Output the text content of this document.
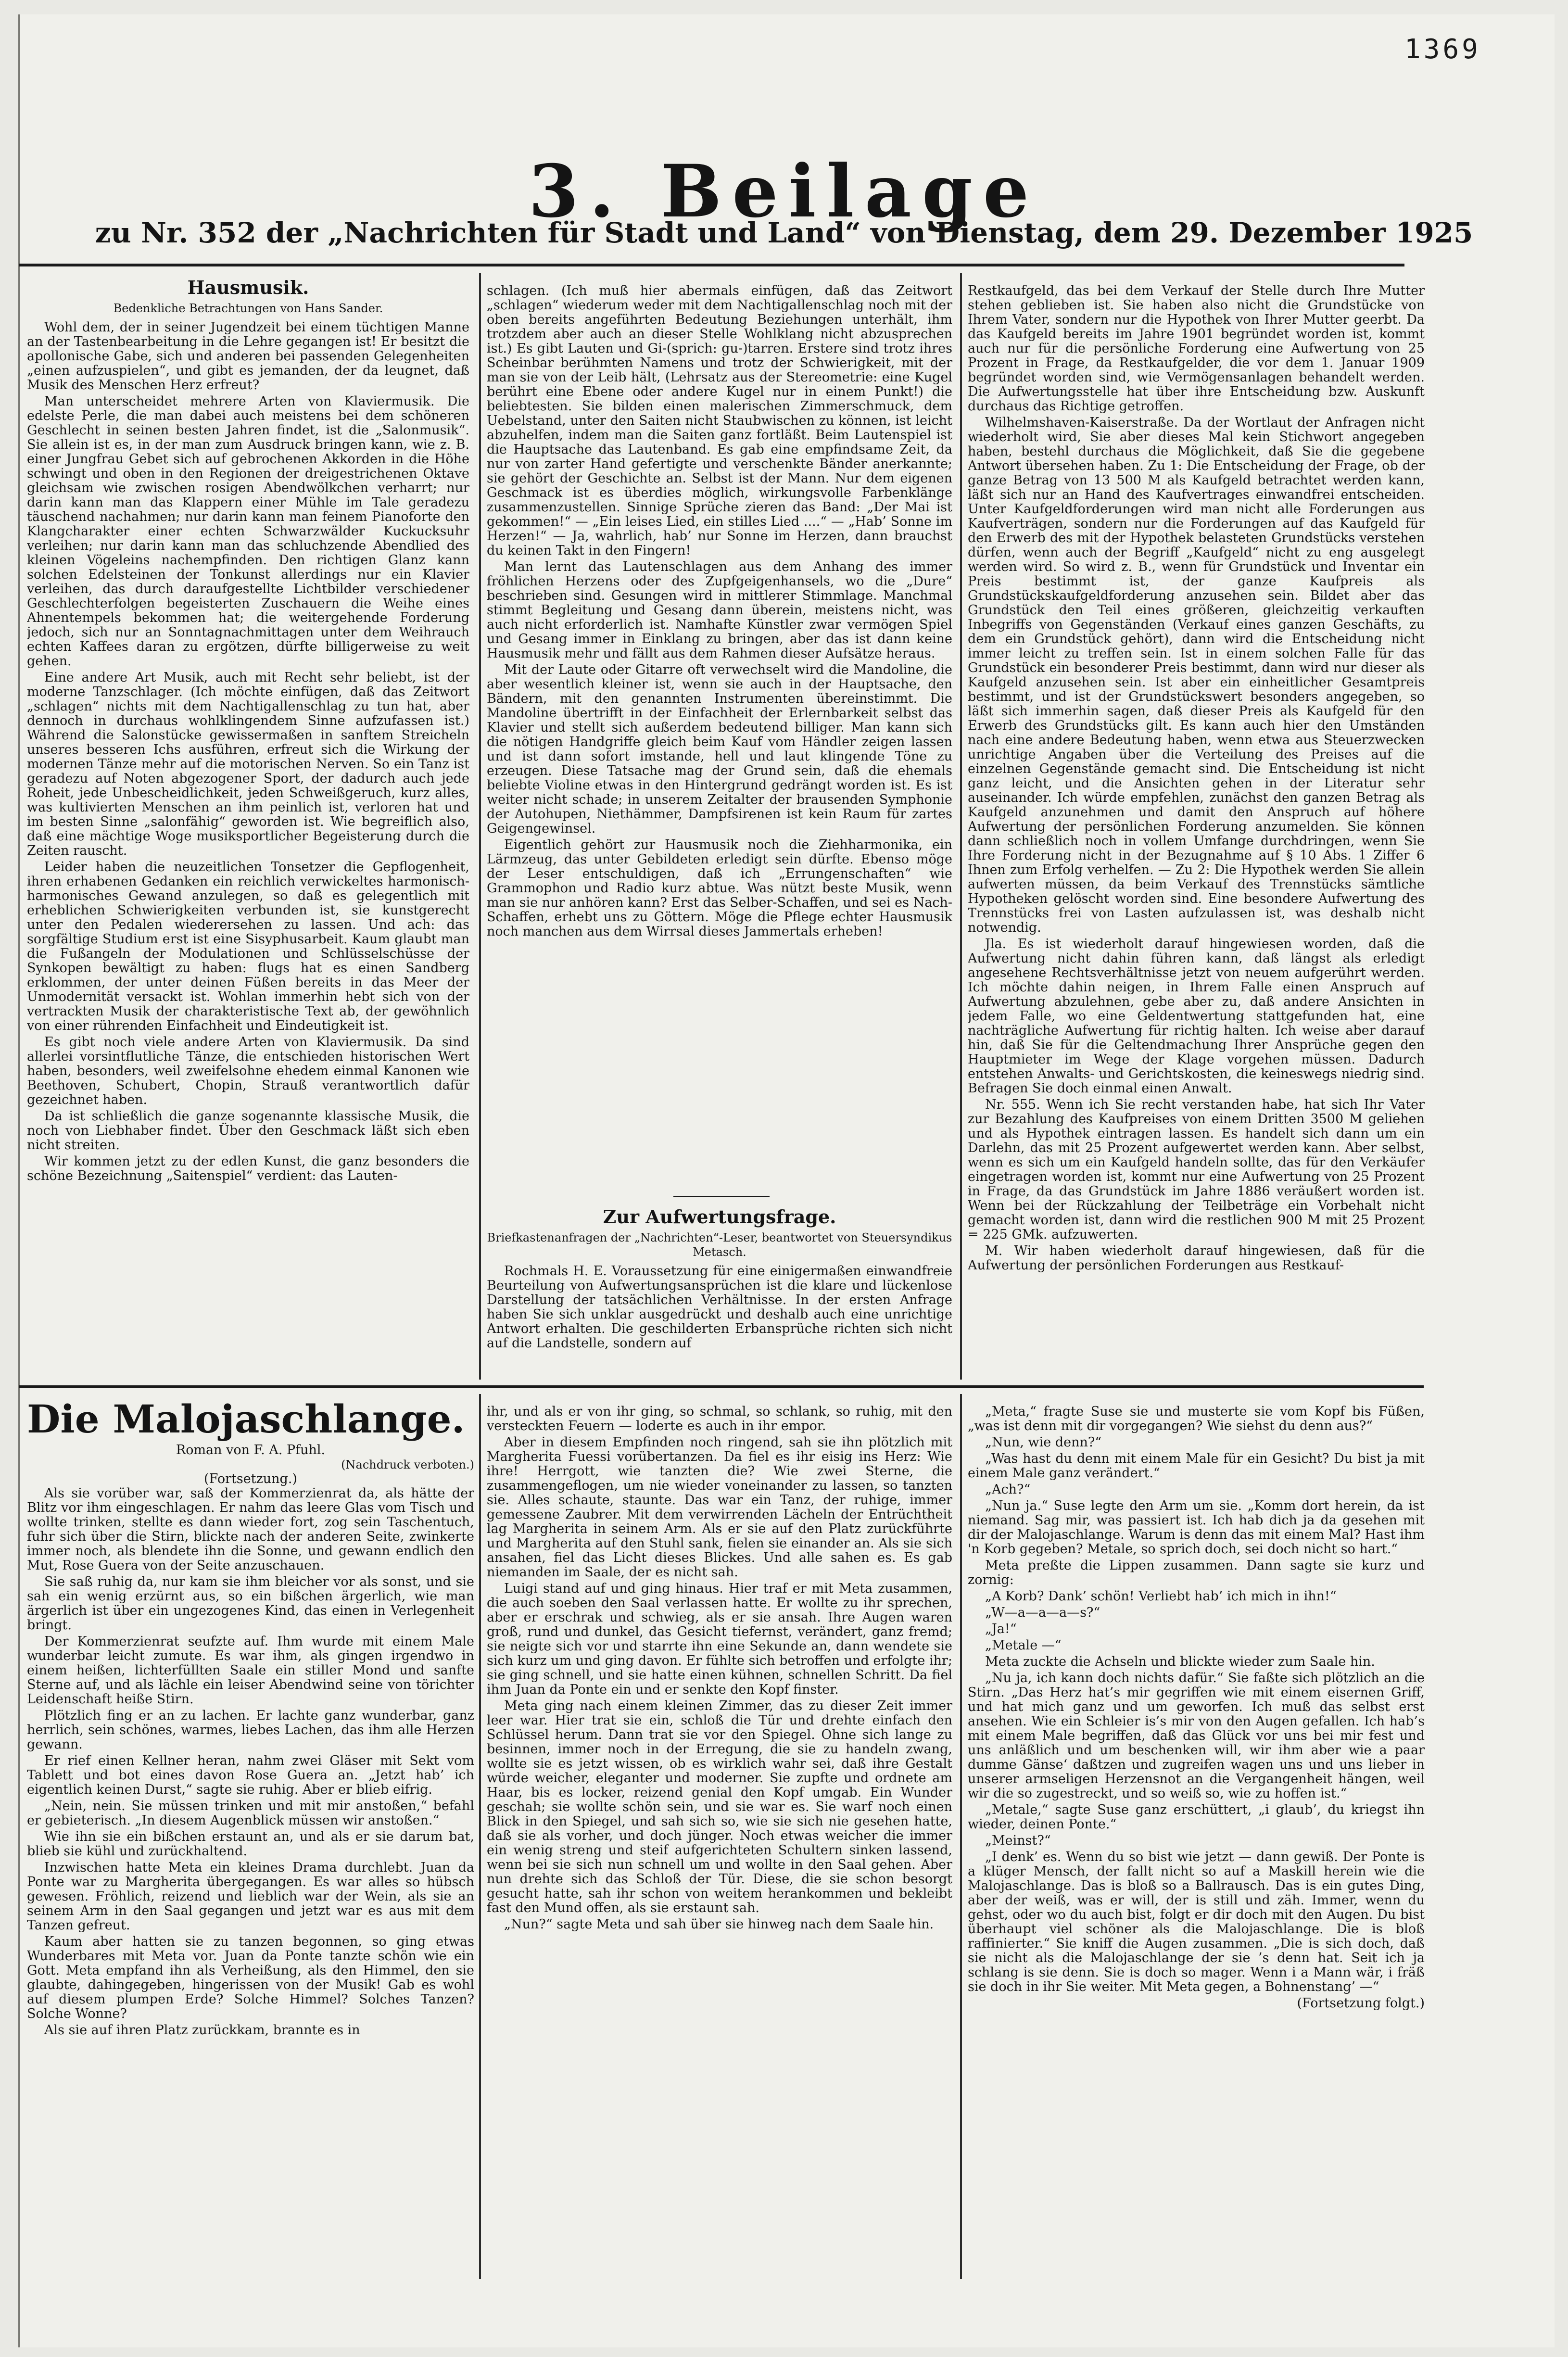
1369
3. Beilage
zu Nr. 352 der „Nachrichten für Stadt und Land“ von Dienstag, dem 29. Dezember 1925
Hausmusik.
Bedenkliche Betrachtungen von Hans Sander.

Wohl dem, der in seiner Jugendzeit bei einem tüchtigen Manne an der Tastenbearbeitung in die Lehre gegangen ist! Er besitzt die apollonische Gabe, sich und anderen bei passenden Gelegenheiten „einen aufzuspielen“, und gibt es jemanden, der da leugnet, daß Musik des Menschen Herz erfreut?

Man unterscheidet mehrere Arten von Klaviermusik. Die edelste Perle, die man dabei auch meistens bei dem schöneren Geschlecht in seinen besten Jahren findet, ist die „Salonmusik“. Sie allein ist es, in der man zum Ausdruck bringen kann, wie z. B. einer Jungfrau Gebet sich auf gebrochenen Akkorden in die Höhe schwingt und oben in den Regionen der dreigestrichenen Oktave gleichsam wie zwischen rosigen Abendwölkchen verharrt; nur darin kann man das Klappern einer Mühle im Tale geradezu täuschend nachahmen; nur darin kann man feinem Pianoforte den Klangcharakter einer echten Schwarzwälder Kuckucksuhr verleihen; nur darin kann man das schluchzende Abendlied des kleinen Vögeleins nachempfinden. Den richtigen Glanz kann solchen Edelsteinen der Tonkunst allerdings nur ein Klavier verleihen, das durch daraufgestellte Lichtbilder verschiedener Geschlechterfolgen begeisterten Zuschauern die Weihe eines Ahnentempels bekommen hat; die weitergehende Forderung jedoch, sich nur an Sonntagnachmittagen unter dem Weihrauch echten Kaffees daran zu ergötzen, dürfte billigerweise zu weit gehen.

Eine andere Art Musik, auch mit Recht sehr beliebt, ist der moderne Tanzschlager. (Ich möchte einfügen, daß das Zeitwort „schlagen“ nichts mit dem Nachtigallenschlag zu tun hat, aber dennoch in durchaus wohlklingendem Sinne aufzufassen ist.) Während die Salonstücke gewissermaßen in sanftem Streicheln unseres besseren Ichs ausführen, erfreut sich die Wirkung der modernen Tänze mehr auf die motorischen Nerven. So ein Tanz ist geradezu auf Noten abgezogener Sport, der dadurch auch jede Roheit, jede Unbescheidlichkeit, jeden Schweißgeruch, kurz alles, was kultivierten Menschen an ihm peinlich ist, verloren hat und im besten Sinne „salonfähig“ geworden ist. Wie begreiflich also, daß eine mächtige Woge musiksportlicher Begeisterung durch die Zeiten rauscht.

Leider haben die neuzeitlichen Tonsetzer die Gepflogenheit, ihren erhabenen Gedanken ein reichlich verwickeltes harmonisch-harmonisches Gewand anzulegen, so daß es gelegentlich mit erheblichen Schwierigkeiten verbunden ist, sie kunstgerecht unter den Pedalen wiederersehen zu lassen. Und ach: das sorgfältige Studium erst ist eine Sisyphusarbeit. Kaum glaubt man die Fußangeln der Modulationen und Schlüsselschüsse der Synkopen bewältigt zu haben: flugs hat es einen Sandberg erklommen, der unter deinen Füßen bereits in das Meer der Unmodernität versackt ist. Wohlan immerhin hebt sich von der vertrackten Musik der charakteristische Text ab, der gewöhnlich von einer rührenden Einfachheit und Eindeutigkeit ist.

Es gibt noch viele andere Arten von Klaviermusik. Da sind allerlei vorsintflutliche Tänze, die entschieden historischen Wert haben, besonders, weil zweifelsohne ehedem einmal Kanonen wie Beethoven, Schubert, Chopin, Strauß verantwortlich dafür gezeichnet haben.

Da ist schließlich die ganze sogenannte klassische Musik, die noch von Liebhaber findet. Über den Geschmack läßt sich eben nicht streiten.

Wir kommen jetzt zu der edlen Kunst, die ganz besonders die schöne Bezeichnung „Saitenspiel“ verdient: das Lauten-

schlagen. (Ich muß hier abermals einfügen, daß das Zeitwort „schlagen“ wiederum weder mit dem Nachtigallenschlag noch mit der oben bereits angeführten Bedeutung Beziehungen unterhält, ihm trotzdem aber auch an dieser Stelle Wohlklang nicht abzusprechen ist.) Es gibt Lauten und Gi-(sprich: gu-)tarren. Erstere sind trotz ihres Scheinbar berühmten Namens und trotz der Schwierigkeit, mit der man sie von der Leib hält, (Lehrsatz aus der Stereometrie: eine Kugel berührt eine Ebene oder andere Kugel nur in einem Punkt!) die beliebtesten. Sie bilden einen malerischen Zimmerschmuck, dem Uebelstand, unter den Saiten nicht Staubwischen zu können, ist leicht abzuhelfen, indem man die Saiten ganz fortläßt. Beim Lautenspiel ist die Hauptsache das Lautenband. Es gab eine empfindsame Zeit, da nur von zarter Hand gefertigte und verschenkte Bänder anerkannte; sie gehört der Geschichte an. Selbst ist der Mann. Nur dem eigenen Geschmack ist es überdies möglich, wirkungsvolle Farbenklänge zusammenzustellen. Sinnige Sprüche zieren das Band: „Der Mai ist gekommen!“ — „Ein leises Lied, ein stilles Lied ....“ — „Hab’ Sonne im Herzen!“ — Ja, wahrlich, hab’ nur Sonne im Herzen, dann brauchst du keinen Takt in den Fingern!

Man lernt das Lautenschlagen aus dem Anhang des immer fröhlichen Herzens oder des Zupfgeigenhansels, wo die „Dure“ beschrieben sind. Gesungen wird in mittlerer Stimmlage. Manchmal stimmt Begleitung und Gesang dann überein, meistens nicht, was auch nicht erforderlich ist. Namhafte Künstler zwar vermögen Spiel und Gesang immer in Einklang zu bringen, aber das ist dann keine Hausmusik mehr und fällt aus dem Rahmen dieser Aufsätze heraus.

Mit der Laute oder Gitarre oft verwechselt wird die Mandoline, die aber wesentlich kleiner ist, wenn sie auch in der Hauptsache, den Bändern, mit den genannten Instrumenten übereinstimmt. Die Mandoline übertrifft in der Einfachheit der Erlernbarkeit selbst das Klavier und stellt sich außerdem bedeutend billiger. Man kann sich die nötigen Handgriffe gleich beim Kauf vom Händler zeigen lassen und ist dann sofort imstande, hell und laut klingende Töne zu erzeugen. Diese Tatsache mag der Grund sein, daß die ehemals beliebte Violine etwas in den Hintergrund gedrängt worden ist. Es ist weiter nicht schade; in unserem Zeitalter der brausenden Symphonie der Autohupen, Niethämmer, Dampfsirenen ist kein Raum für zartes Geigengewinsel.

Eigentlich gehört zur Hausmusik noch die Ziehharmonika, ein Lärmzeug, das unter Gebildeten erledigt sein dürfte. Ebenso möge der Leser entschuldigen, daß ich „Errungenschaften“ wie Grammophon und Radio kurz abtue. Was nützt beste Musik, wenn man sie nur anhören kann? Erst das Selber-Schaffen, und sei es Nach-Schaffen, erhebt uns zu Göttern. Möge die Pflege echter Hausmusik noch manchen aus dem Wirrsal dieses Jammertals erheben!

Zur Aufwertungsfrage.
Briefkastenanfragen der „Nachrichten“-Leser, beantwortet von Steuersyndikus Metasch.

Rochmals H. E. Voraussetzung für eine einigermaßen einwandfreie Beurteilung von Aufwertungsansprüchen ist die klare und lückenlose Darstellung der tatsächlichen Verhältnisse. In der ersten Anfrage haben Sie sich unklar ausgedrückt und deshalb auch eine unrichtige Antwort erhalten. Die geschilderten Erbansprüche richten sich nicht auf die Landstelle, sondern auf

Restkaufgeld, das bei dem Verkauf der Stelle durch Ihre Mutter stehen geblieben ist. Sie haben also nicht die Grundstücke von Ihrem Vater, sondern nur die Hypothek von Ihrer Mutter geerbt. Da das Kaufgeld bereits im Jahre 1901 begründet worden ist, kommt auch nur für die persönliche Forderung eine Aufwertung von 25 Prozent in Frage, da Restkaufgelder, die vor dem 1. Januar 1909 begründet worden sind, wie Vermögensanlagen behandelt werden. Die Aufwertungsstelle hat über ihre Entscheidung bzw. Auskunft durchaus das Richtige getroffen.

Wilhelmshaven-Kaiserstraße. Da der Wortlaut der Anfragen nicht wiederholt wird, Sie aber dieses Mal kein Stichwort angegeben haben, bestehl durchaus die Möglichkeit, daß Sie die gegebene Antwort übersehen haben. Zu 1: Die Entscheidung der Frage, ob der ganze Betrag von 13 500 M als Kaufgeld betrachtet werden kann, läßt sich nur an Hand des Kaufvertrages einwandfrei entscheiden. Unter Kaufgeldforderungen wird man nicht alle Forderungen aus Kaufverträgen, sondern nur die Forderungen auf das Kaufgeld für den Erwerb des mit der Hypothek belasteten Grundstücks verstehen dürfen, wenn auch der Begriff „Kaufgeld“ nicht zu eng ausgelegt werden wird. So wird z. B., wenn für Grundstück und Inventar ein Preis bestimmt ist, der ganze Kaufpreis als Grundstückskaufgeldforderung anzusehen sein. Bildet aber das Grundstück den Teil eines größeren, gleichzeitig verkauften Inbegriffs von Gegenständen (Verkauf eines ganzen Geschäfts, zu dem ein Grundstück gehört), dann wird die Entscheidung nicht immer leicht zu treffen sein. Ist in einem solchen Falle für das Grundstück ein besonderer Preis bestimmt, dann wird nur dieser als Kaufgeld anzusehen sein. Ist aber ein einheitlicher Gesamtpreis bestimmt, und ist der Grundstückswert besonders angegeben, so läßt sich immerhin sagen, daß dieser Preis als Kaufgeld für den Erwerb des Grundstücks gilt. Es kann auch hier den Umständen nach eine andere Bedeutung haben, wenn etwa aus Steuerzwecken unrichtige Angaben über die Verteilung des Preises auf die einzelnen Gegenstände gemacht sind. Die Entscheidung ist nicht ganz leicht, und die Ansichten gehen in der Literatur sehr auseinander. Ich würde empfehlen, zunächst den ganzen Betrag als Kaufgeld anzunehmen und damit den Anspruch auf höhere Aufwertung der persönlichen Forderung anzumelden. Sie können dann schließlich noch in vollem Umfange durchdringen, wenn Sie Ihre Forderung nicht in der Bezugnahme auf § 10 Abs. 1 Ziffer 6 Ihnen zum Erfolg verhelfen. — Zu 2: Die Hypothek werden Sie allein aufwerten müssen, da beim Verkauf des Trennstücks sämtliche Hypotheken gelöscht worden sind. Eine besondere Aufwertung des Trennstücks frei von Lasten aufzulassen ist, was deshalb nicht notwendig.

Jla. Es ist wiederholt darauf hingewiesen worden, daß die Aufwertung nicht dahin führen kann, daß längst als erledigt angesehene Rechtsverhältnisse jetzt von neuem aufgerührt werden. Ich möchte dahin neigen, in Ihrem Falle einen Anspruch auf Aufwertung abzulehnen, gebe aber zu, daß andere Ansichten in jedem Falle, wo eine Geldentwertung stattgefunden hat, eine nachträgliche Aufwertung für richtig halten. Ich weise aber darauf hin, daß Sie für die Geltendmachung Ihrer Ansprüche gegen den Hauptmieter im Wege der Klage vorgehen müssen. Dadurch entstehen Anwalts- und Gerichtskosten, die keineswegs niedrig sind. Befragen Sie doch einmal einen Anwalt.

Nr. 555. Wenn ich Sie recht verstanden habe, hat sich Ihr Vater zur Bezahlung des Kaufpreises von einem Dritten 3500 M geliehen und als Hypothek eintragen lassen. Es handelt sich dann um ein Darlehn, das mit 25 Prozent aufgewertet werden kann. Aber selbst, wenn es sich um ein Kaufgeld handeln sollte, das für den Verkäufer eingetragen worden ist, kommt nur eine Aufwertung von 25 Prozent in Frage, da das Grundstück im Jahre 1886 veräußert worden ist. Wenn bei der Rückzahlung der Teilbeträge ein Vorbehalt nicht gemacht worden ist, dann wird die restlichen 900 M mit 25 Prozent = 225 GMk. aufzuwerten.

M. Wir haben wiederholt darauf hingewiesen, daß für die Aufwertung der persönlichen Forderungen aus Restkauf-

Die Malojaschlange.
Roman von F. A. Pfuhl.
(Nachdruck verboten.)
(Fortsetzung.)

Als sie vorüber war, saß der Kommerzienrat da, als hätte der Blitz vor ihm eingeschlagen. Er nahm das leere Glas vom Tisch und wollte trinken, stellte es dann wieder fort, zog sein Taschentuch, fuhr sich über die Stirn, blickte nach der anderen Seite, zwinkerte immer noch, als blendete ihn die Sonne, und gewann endlich den Mut, Rose Guera von der Seite anzuschauen.

Sie saß ruhig da, nur kam sie ihm bleicher vor als sonst, und sie sah ein wenig erzürnt aus, so ein bißchen ärgerlich, wie man ärgerlich ist über ein ungezogenes Kind, das einen in Verlegenheit bringt.

Der Kommerzienrat seufzte auf. Ihm wurde mit einem Male wunderbar leicht zumute. Es war ihm, als gingen irgendwo in einem heißen, lichterfüllten Saale ein stiller Mond und sanfte Sterne auf, und als lächle ein leiser Abendwind seine von törichter Leidenschaft heiße Stirn.

Plötzlich fing er an zu lachen. Er lachte ganz wunderbar, ganz herrlich, sein schönes, warmes, liebes Lachen, das ihm alle Herzen gewann.

Er rief einen Kellner heran, nahm zwei Gläser mit Sekt vom Tablett und bot eines davon Rose Guera an. „Jetzt hab’ ich eigentlich keinen Durst,“ sagte sie ruhig. Aber er blieb eifrig.

„Nein, nein. Sie müssen trinken und mit mir anstoßen,“ befahl er gebieterisch. „In diesem Augenblick müssen wir anstoßen.“

Wie ihn sie ein bißchen erstaunt an, und als er sie darum bat, blieb sie kühl und zurückhaltend.

Inzwischen hatte Meta ein kleines Drama durchlebt. Juan da Ponte war zu Margherita übergegangen. Es war alles so hübsch gewesen. Fröhlich, reizend und lieblich war der Wein, als sie an seinem Arm in den Saal gegangen und jetzt war es aus mit dem Tanzen gefreut.

Kaum aber hatten sie zu tanzen begonnen, so ging etwas Wunderbares mit Meta vor. Juan da Ponte tanzte schön wie ein Gott. Meta empfand ihn als Verheißung, als den Himmel, den sie glaubte, dahingegeben, hingerissen von der Musik! Gab es wohl auf diesem plumpen Erde? Solche Himmel? Solches Tanzen? Solche Wonne?

Als sie auf ihren Platz zurückkam, brannte es in

ihr, und als er von ihr ging, so schmal, so schlank, so ruhig, mit den versteckten Feuern — loderte es auch in ihr empor.

Aber in diesem Empfinden noch ringend, sah sie ihn plötzlich mit Margherita Fuessi vorübertanzen. Da fiel es ihr eisig ins Herz: Wie ihre! Herrgott, wie tanzten die? Wie zwei Sterne, die zusammengeflogen, um nie wieder voneinander zu lassen, so tanzten sie. Alles schaute, staunte. Das war ein Tanz, der ruhige, immer gemessene Zaubrer. Mit dem verwirrenden Lächeln der Entrüchtheit lag Margherita in seinem Arm. Als er sie auf den Platz zurückführte und Margherita auf den Stuhl sank, fielen sie einander an. Als sie sich ansahen, fiel das Licht dieses Blickes. Und alle sahen es. Es gab niemanden im Saale, der es nicht sah.

Luigi stand auf und ging hinaus. Hier traf er mit Meta zusammen, die auch soeben den Saal verlassen hatte. Er wollte zu ihr sprechen, aber er erschrak und schwieg, als er sie ansah. Ihre Augen waren groß, rund und dunkel, das Gesicht tiefernst, verändert, ganz fremd; sie neigte sich vor und starrte ihn eine Sekunde an, dann wendete sie sich kurz um und ging davon. Er fühlte sich betroffen und erfolgte ihr; sie ging schnell, und sie hatte einen kühnen, schnellen Schritt. Da fiel ihm Juan da Ponte ein und er senkte den Kopf finster.

Meta ging nach einem kleinen Zimmer, das zu dieser Zeit immer leer war. Hier trat sie ein, schloß die Tür und drehte einfach den Schlüssel herum. Dann trat sie vor den Spiegel. Ohne sich lange zu besinnen, immer noch in der Erregung, die sie zu handeln zwang, wollte sie es jetzt wissen, ob es wirklich wahr sei, daß ihre Gestalt würde weicher, eleganter und moderner. Sie zupfte und ordnete am Haar, bis es locker, reizend genial den Kopf umgab. Ein Wunder geschah; sie wollte schön sein, und sie war es. Sie warf noch einen Blick in den Spiegel, und sah sich so, wie sie sich nie gesehen hatte, daß sie als vorher, und doch jünger. Noch etwas weicher die immer ein wenig streng und steif aufgerichteten Schultern sinken lassend, wenn bei sie sich nun schnell um und wollte in den Saal gehen. Aber nun drehte sich das Schloß der Tür. Diese, die sie schon besorgt gesucht hatte, sah ihr schon von weitem herankommen und bekleibt fast den Mund offen, als sie erstaunt sah.

„Nun?“ sagte Meta und sah über sie hinweg nach dem Saale hin.

„Meta,“ fragte Suse sie und musterte sie vom Kopf bis Füßen, „was ist denn mit dir vorgegangen? Wie siehst du denn aus?“

„Nun, wie denn?“

„Was hast du denn mit einem Male für ein Gesicht? Du bist ja mit einem Male ganz verändert.“

„Ach?“

„Nun ja.“ Suse legte den Arm um sie. „Komm dort herein, da ist niemand. Sag mir, was passiert ist. Ich hab dich ja da gesehen mit dir der Malojaschlange. Warum is denn das mit einem Mal? Hast ihm 'n Korb gegeben? Metale, so sprich doch, sei doch nicht so hart.“

Meta preßte die Lippen zusammen. Dann sagte sie kurz und zornig:

„A Korb? Dank’ schön! Verliebt hab’ ich mich in ihn!“

„W—a—a—a—s?“

„Ja!“

„Metale —“

Meta zuckte die Achseln und blickte wieder zum Saale hin.

„Nu ja, ich kann doch nichts dafür.“ Sie faßte sich plötzlich an die Stirn. „Das Herz hat’s mir gegriffen wie mit einem eisernen Griff, und hat mich ganz und um geworfen. Ich muß das selbst erst ansehen. Wie ein Schleier is’s mir von den Augen gefallen. Ich hab’s mit einem Male begriffen, daß das Glück vor uns bei mir fest und uns anläßlich und um beschenken will, wir ihm aber wie a paar dumme Gänse‘ daßtzen und zugreifen wagen uns und uns lieber in unserer armseligen Herzensnot an die Vergangenheit hängen, weil wir die so zugestreckt, und so weiß so, wie zu hoffen ist.“

„Metale,“ sagte Suse ganz erschüttert, „i glaub’, du kriegst ihn wieder, deinen Ponte.“

„Meinst?“

„I denk’ es. Wenn du so bist wie jetzt — dann gewiß. Der Ponte is a klüger Mensch, der fallt nicht so auf a Maskill herein wie die Malojaschlange. Das is bloß so a Ballrausch. Das is ein gutes Ding, aber der weiß, was er will, der is still und zäh. Immer, wenn du gehst, oder wo du auch bist, folgt er dir doch mit den Augen. Du bist überhaupt viel schöner als die Malojaschlange. Die is bloß raffinierter.“ Sie kniff die Augen zusammen. „Die is sich doch, daß sie nicht als die Malojaschlange der sie ’s denn hat. Seit ich ja schlang is sie denn. Sie is doch so mager. Wenn i a Mann wär, i fräß sie doch in ihr Sie weiter. Mit Meta gegen, a Bohnenstang’ —“

(Fortsetzung folgt.)
